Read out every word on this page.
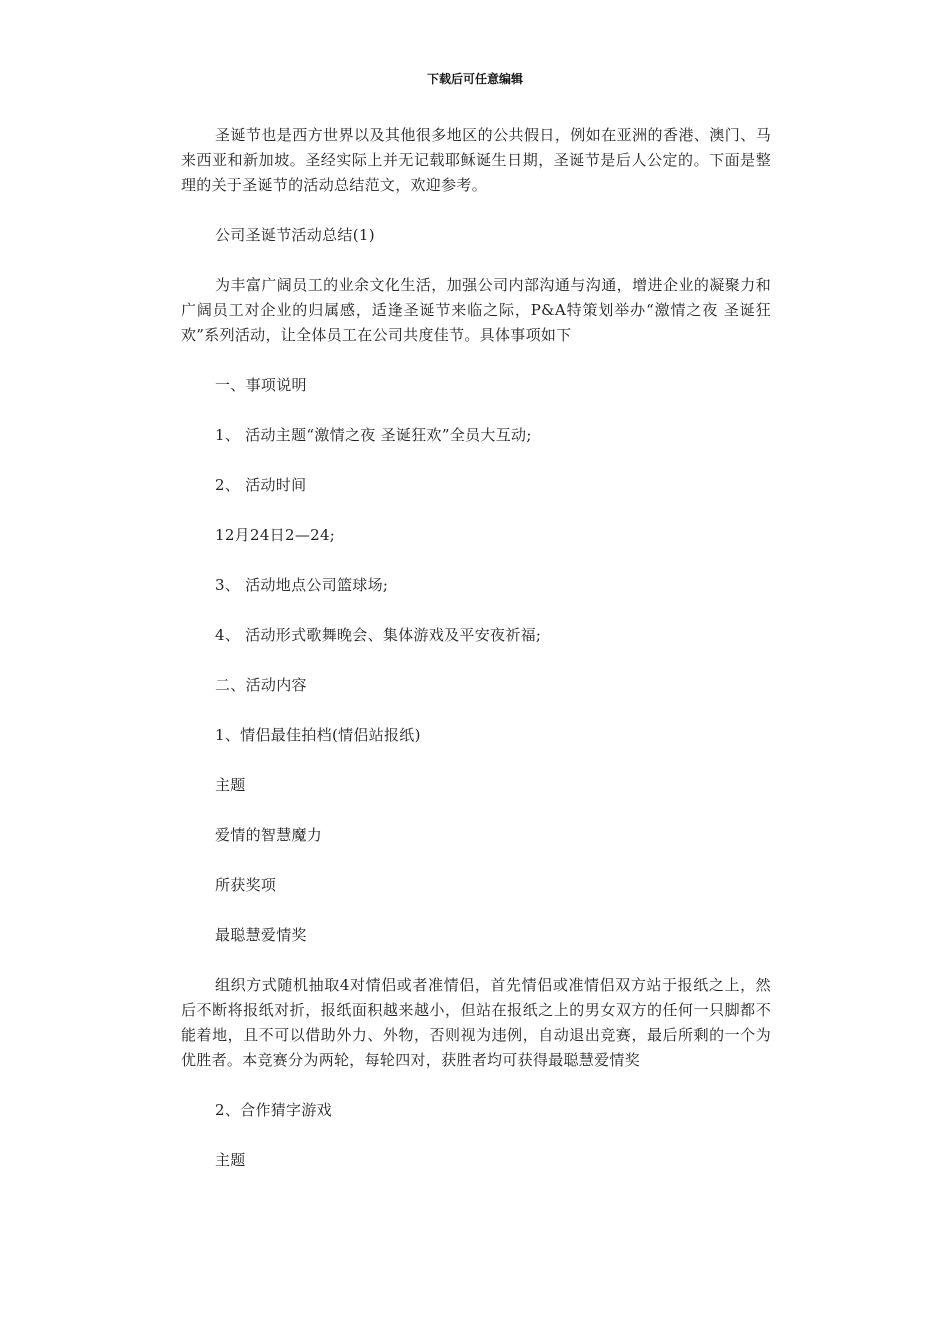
下载后可任意编辑

圣诞节也是西方世界以及其他很多地区的公共假日，例如在亚洲的香港、澳门、马来西亚和新加坡。圣经实际上并无记载耶稣诞生日期，圣诞节是后人公定的。下面是整理的关于圣诞节的活动总结范文，欢迎参考。

公司圣诞节活动总结(1)

为丰富广阔员工的业余文化生活，加强公司内部沟通与沟通，增进企业的凝聚力和广阔员工对企业的归属感，适逢圣诞节来临之际，P&A特策划举办“激情之夜 圣诞狂欢”系列活动，让全体员工在公司共度佳节。具体事项如下

一、事项说明

1、 活动主题“激情之夜 圣诞狂欢”全员大互动;

2、 活动时间

12月24日2—24;

3、 活动地点公司篮球场;

4、 活动形式歌舞晚会、集体游戏及平安夜祈福;

二、活动内容

1、情侣最佳拍档(情侣站报纸)

主题

爱情的智慧魔力

所获奖项

最聪慧爱情奖

组织方式随机抽取4对情侣或者准情侣，首先情侣或准情侣双方站于报纸之上，然后不断将报纸对折，报纸面积越来越小，但站在报纸之上的男女双方的任何一只脚都不能着地，且不可以借助外力、外物，否则视为违例，自动退出竞赛，最后所剩的一个为优胜者。本竞赛分为两轮，每轮四对，获胜者均可获得最聪慧爱情奖

2、合作猜字游戏

主题
